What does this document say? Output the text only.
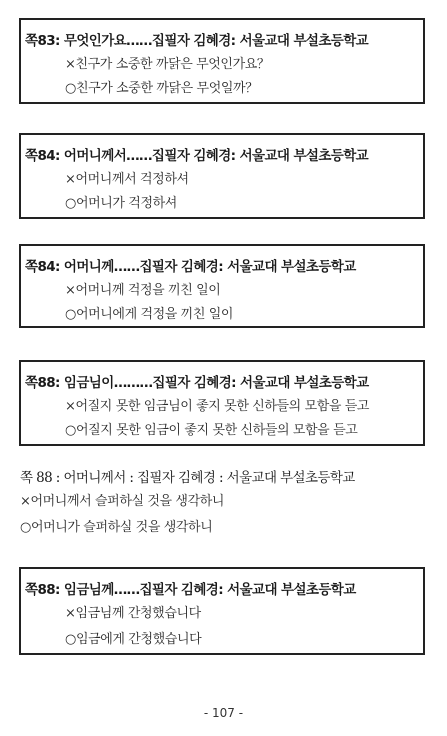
쪽83: 무엇인가요……집필자 김혜경: 서울교대 부설초등학교
×친구가 소중한 까닭은 무엇인가요？
○친구가 소중한 까닭은 무엇일까？
쪽84: 어머니께서……집필자 김혜경: 서울교대 부설초등학교
×어머니께서 걱정하셔
○어머니가 걱정하셔
쪽84: 어머니께……집필자 김혜경: 서울교대 부설초등학교
×어머니께 걱정을 끼친 일이
○어머니에게 걱정을 끼친 일이
쪽88: 임금님이………집필자 김혜경: 서울교대 부설초등학교
×어질지 못한 임금님이 좋지 못한 신하들의 모함을 듣고
○어질지 못한 임금이 좋지 못한 신하들의 모함을 듣고
쪽 88 : 어머니께서 : 집필자 김혜경 : 서울교대 부설초등학교
×어머니께서 슬퍼하실 것을 생각하니
○어머니가 슬퍼하실 것을 생각하니
쪽88: 임금님께……집필자 김혜경: 서울교대 부설초등학교
×임금님께 간청했습니다
○임금에게 간청했습니다
- 107 -
